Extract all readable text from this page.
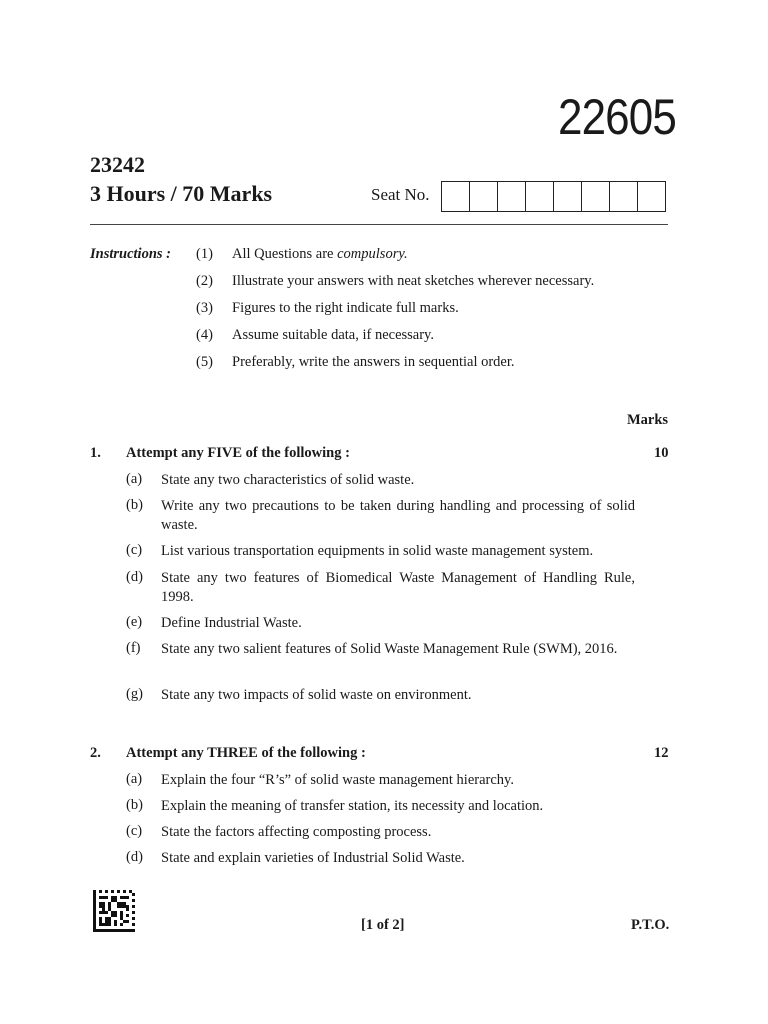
22605
23242
3 Hours / 70 Marks	Seat No.
Instructions : (1)	All Questions are compulsory.
(2)	Illustrate your answers with neat sketches wherever necessary.
(3)	Figures to the right indicate full marks.
(4)	Assume suitable data, if necessary.
(5)	Preferably, write the answers in sequential order.
Marks
1. Attempt any FIVE of the following :	10
(a) State any two characteristics of solid waste.
(b) Write any two precautions to be taken during handling and processing of solid waste.
(c) List various transportation equipments in solid waste management system.
(d) State any two features of Biomedical Waste Management of Handling Rule, 1998.
(e) Define Industrial Waste.
(f) State any two salient features of Solid Waste Management Rule (SWM), 2016.
(g) State any two impacts of solid waste on environment.
2. Attempt any THREE of the following :	12
(a) Explain the four “R’s” of solid waste management hierarchy.
(b) Explain the meaning of transfer station, its necessity and location.
(c) State the factors affecting composting process.
(d) State and explain varieties of Industrial Solid Waste.
[1 of 2]	P.T.O.
